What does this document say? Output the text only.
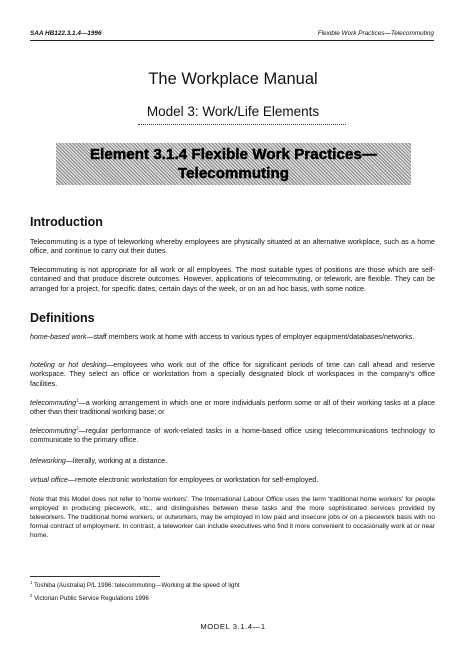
SAA HB122.3.1.4—1996	Flexible Work Practices—Telecommuting
The Workplace Manual
Model 3: Work/Life Elements
Element 3.1.4 Flexible Work Practices—
Telecommuting
Introduction
Telecommuting is a type of teleworking whereby employees are physically situated at an alternative workplace, such as a home office, and continue to carry out their duties.
Telecommuting is not appropriate for all work or all employees. The most suitable types of positions are those which are self-contained and that produce discrete outcomes. However, applications of telecommuting, or telework, are flexible. They can be arranged for a project, for specific dates, certain days of the week, or on an ad hoc basis, with some notice.
Definitions
home-based work—staff members work at home with access to various types of employer equipment/databases/networks.
hoteling or hot desking—employees who work out of the office for significant periods of time can call ahead and reserve workspace. They select an office or workstation from a specially designated block of workspaces in the company's office facilities.
telecommuting$^1$—a working arrangement in which one or more individuals perform some or all of their working tasks at a place other than their traditional working base; or
telecommuting$^2$—regular performance of work-related tasks in a home-based office using telecommunications technology to communicate to the primary office.
teleworking—literally, working at a distance.
virtual office—remote electronic workstation for employees or workstation for self-employed.
Note that this Model does not refer to 'home workers'. The International Labour Office uses the term 'traditional home workers' for people employed in producing piecework, etc., and distinguishes between these tasks and the more sophisticated services provided by teleworkers. The traditional home workers, or outworkers, may be employed in low paid and insecure jobs or on a piecework basis with no formal contract of employment. In contrast, a teleworker can include executives who find it more convenient to occasionally work at or near home.
$^1$ Toshiba (Australia) P/L 1996: telecommuting—Working at the speed of light
$^2$ Victorian Public Service Regulations 1996
MODEL 3.1.4—1
